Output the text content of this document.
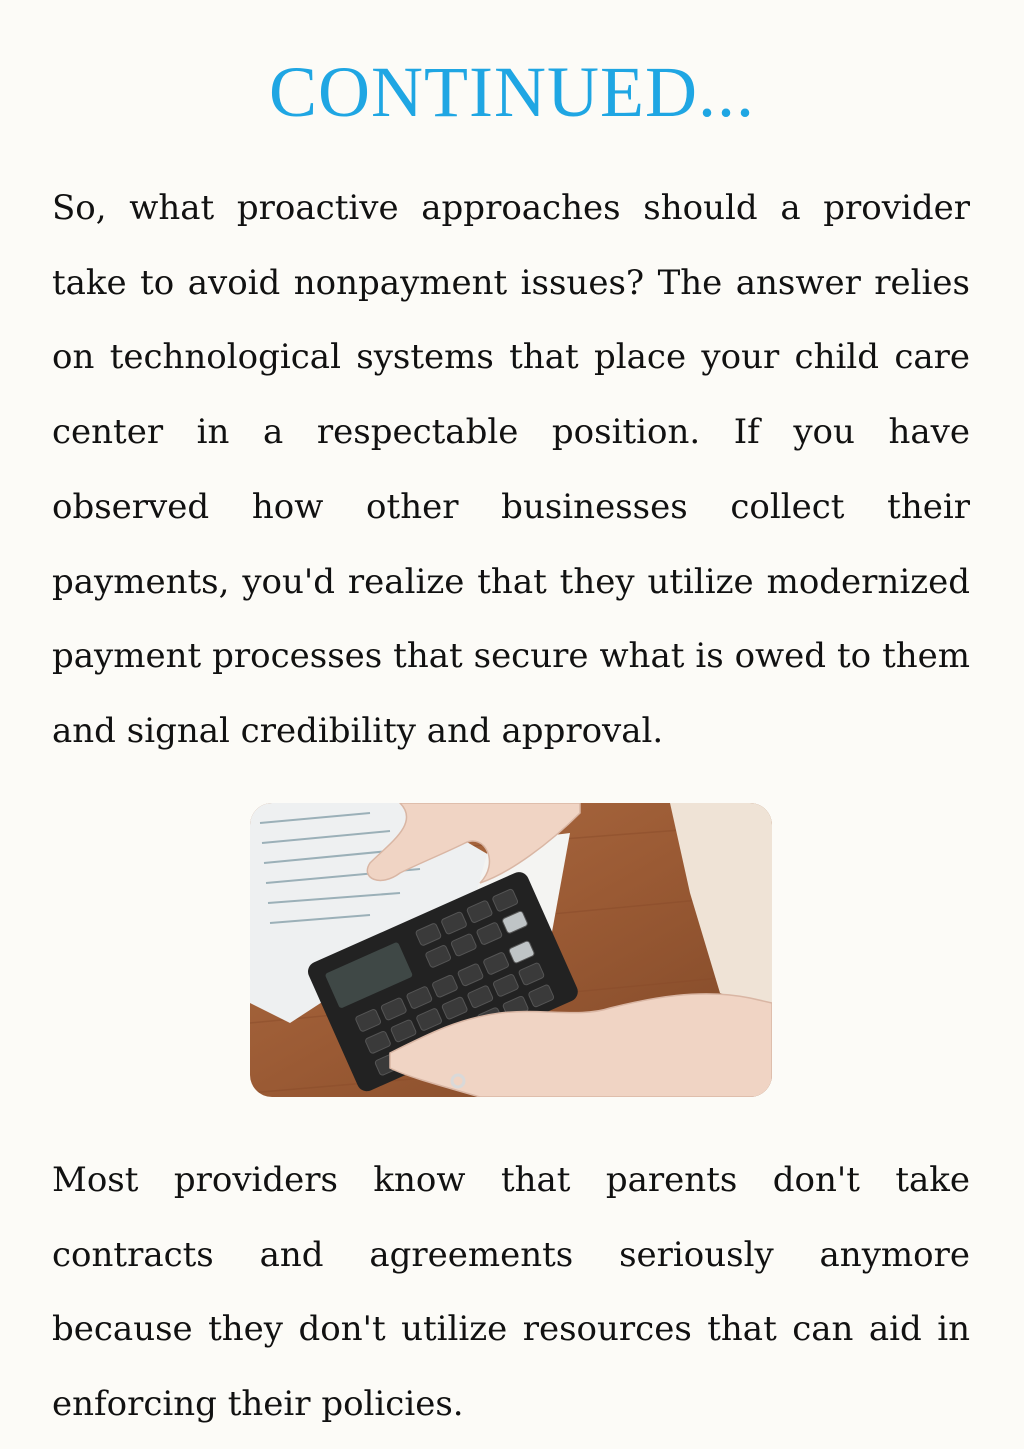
CONTINUED...

So, what proactive approaches should a provider take to avoid nonpayment issues? The answer relies on technological systems that place your child care center in a respectable position. If you have observed how other businesses collect their payments, you'd realize that they utilize modernized payment processes that secure what is owed to them and signal credibility and approval.

Most providers know that parents don't take contracts and agreements seriously anymore because they don't utilize resources that can aid in enforcing their policies.
